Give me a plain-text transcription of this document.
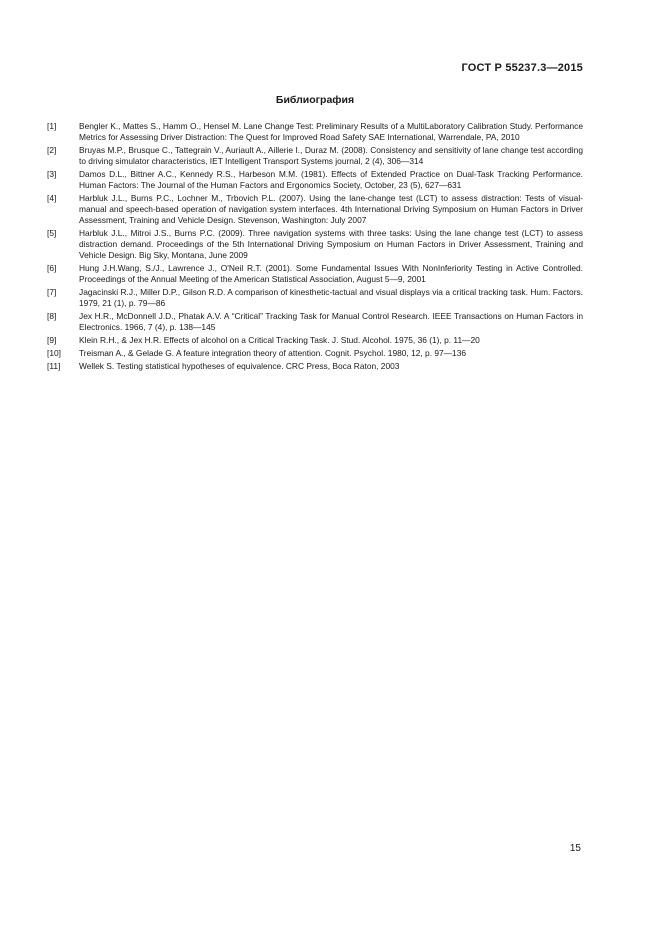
ГОСТ Р 55237.3—2015
Библиография
[1]	Bengler K., Mattes S., Hamm O., Hensel M. Lane Change Test: Preliminary Results of a MultiLaboratory Calibration Study. Performance Metrics for Assessing Driver Distraction: The Quest for Improved Road Safety SAE International, Warrendale, PA, 2010
[2]	Bruyas M.P., Brusque C., Tattegrain V., Auriault A., Aillerie I., Duraz M. (2008). Consistency and sensitivity of lane change test according to driving simulator characteristics, IET Intelligent Transport Systems journal, 2 (4), 306—314
[3]	Damos D.L., Bittner A.C., Kennedy R.S., Harbeson M.M. (1981). Effects of Extended Practice on Dual-Task Tracking Performance. Human Factors: The Journal of the Human Factors and Ergonomics Society, October, 23 (5), 627—631
[4]	Harbluk J.L., Burns P.C., Lochner M., Trbovich P.L. (2007). Using the lane-change test (LCT) to assess distraction: Tests of visual-manual and speech-based operation of navigation system interfaces. 4th International Driving Symposium on Human Factors in Driver Assessment, Training and Vehicle Design. Stevenson, Washington: July 2007
[5]	Harbluk J.L., Mitroi J.S., Burns P.C. (2009). Three navigation systems with three tasks: Using the lane change test (LCT) to assess distraction demand. Proceedings of the 5th International Driving Symposium on Human Factors in Driver Assessment, Training and Vehicle Design. Big Sky, Montana, June 2009
[6]	Hung J.H.Wang, S./J., Lawrence J., O'Neil R.T. (2001). Some Fundamental Issues With NonInferiority Testing in Active Controlled. Proceedings of the Annual Meeting of the American Statistical Association, August 5—9, 2001
[7]	Jagacinski R.J., Miller D.P., Gilson R.D. A comparison of kinesthetic-tactual and visual displays via a critical tracking task. Hum. Factors. 1979, 21 (1), p. 79—86
[8]	Jex H.R., McDonnell J.D., Phatak A.V. A “Critical” Tracking Task for Manual Control Research. IEEE Transactions on Human Factors in Electronics. 1966, 7 (4), p. 138—145
[9]	Klein R.H., & Jex H.R. Effects of alcohol on a Critical Tracking Task. J. Stud. Alcohol. 1975, 36 (1), p. 11—20
[10]	Treisman A., & Gelade G. A feature integration theory of attention. Cognit. Psychol. 1980, 12, p. 97—136
[11]	Wellek S. Testing statistical hypotheses of equivalence. CRC Press, Boca Raton, 2003
15
